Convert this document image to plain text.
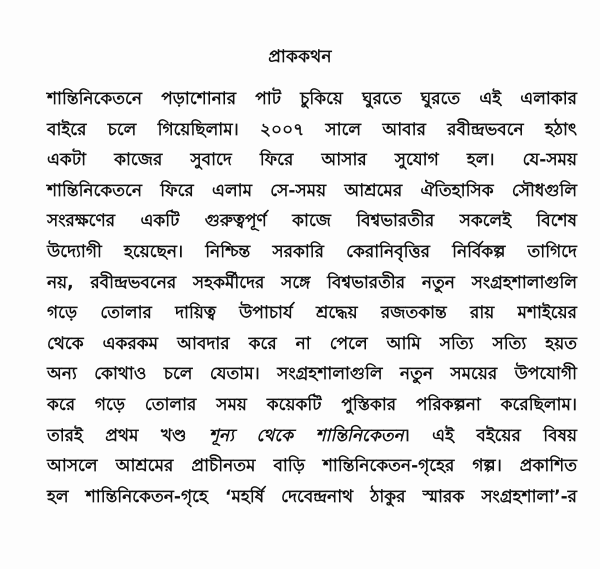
প্রাককথন
শান্তিনিকেতনে পড়াশোনার পাট চুকিয়ে ঘুরতে ঘুরতে এই এলাকার
বাইরে চলে গিয়েছিলাম। ২০০৭ সালে আবার রবীন্দ্রভবনে হঠাৎ
একটা কাজের সুবাদে ফিরে আসার সুযোগ হল। যে-সময়
শান্তিনিকেতনে ফিরে এলাম সে-সময় আশ্রমের ঐতিহাসিক সৌধগুলি
সংরক্ষণের একটি গুরুত্বপূর্ণ কাজে বিশ্বভারতীর সকলেই বিশেষ
উদ্যোগী হয়েছেন। নিশ্চিন্ত সরকারি কেরানিবৃত্তির নির্বিকল্প তাগিদে
নয়, রবীন্দ্রভবনের সহকর্মীদের সঙ্গে বিশ্বভারতীর নতুন সংগ্রহশালাগুলি
গড়ে তোলার দায়িত্ব উপাচার্য শ্রদ্ধেয় রজতকান্ত রায় মশাইয়ের
থেকে একরকম আবদার করে না পেলে আমি সত্যি সত্যি হয়ত
অন্য কোথাও চলে যেতাম। সংগ্রহশালাগুলি নতুন সময়ের উপযোগী
করে গড়ে তোলার সময় কয়েকটি পুস্তিকার পরিকল্পনা করেছিলাম।
তারই প্রথম খণ্ড শূন্য থেকে শান্তিনিকেতন। এই বইয়ের বিষয়
আসলে আশ্রমের প্রাচীনতম বাড়ি শান্তিনিকেতন-গৃহের গল্প। প্রকাশিত
হল শান্তিনিকেতন-গৃহে ‘মহর্ষি দেবেন্দ্রনাথ ঠাকুর স্মারক সংগ্রহশালা’-র
